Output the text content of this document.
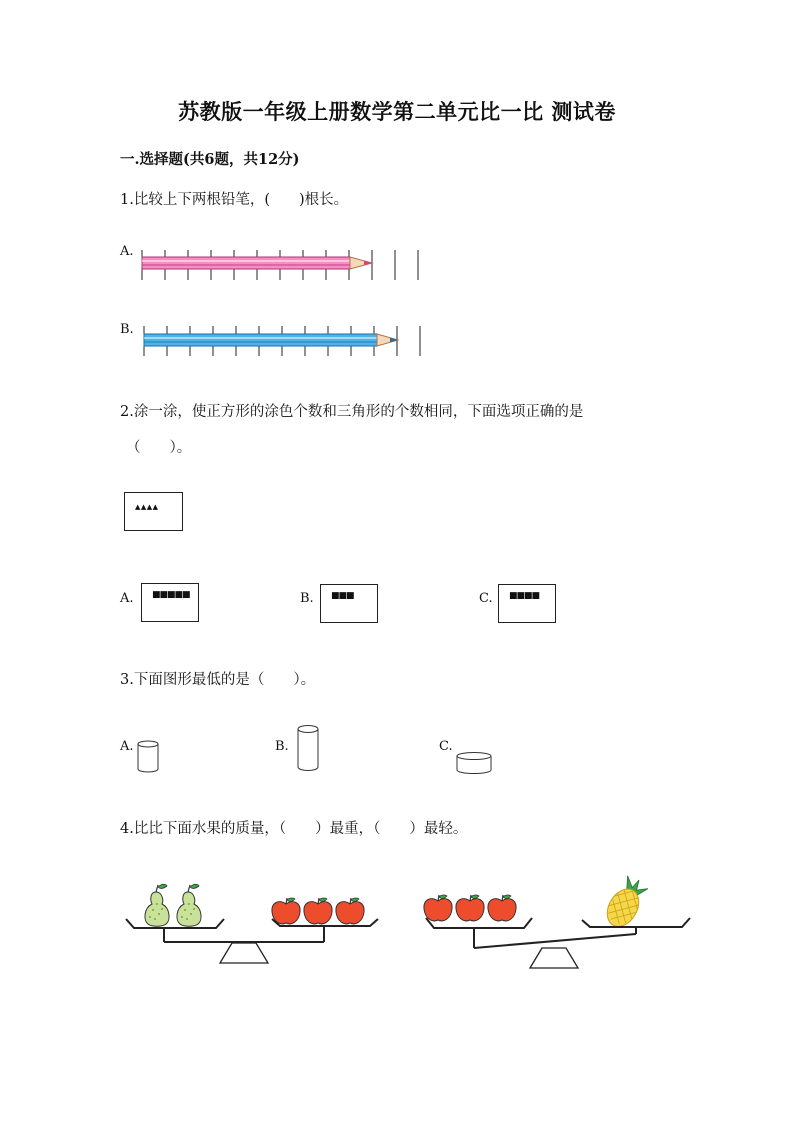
苏教版一年级上册数学第二单元比一比 测试卷
一.选择题(共6题，共12分)
1.比较上下两根铅笔，(　　)根长。
A.
B.
2.涂一涂，使正方形的涂色个数和三角形的个数相同，下面选项正确的是
（　　）。
▲▲▲▲
A. ■■■■■	B. ■■■	C. ■■■■
3.下面图形最低的是（　　）。
A.	B.	C.
4.比比下面水果的质量，（　　）最重，（　　）最轻。
